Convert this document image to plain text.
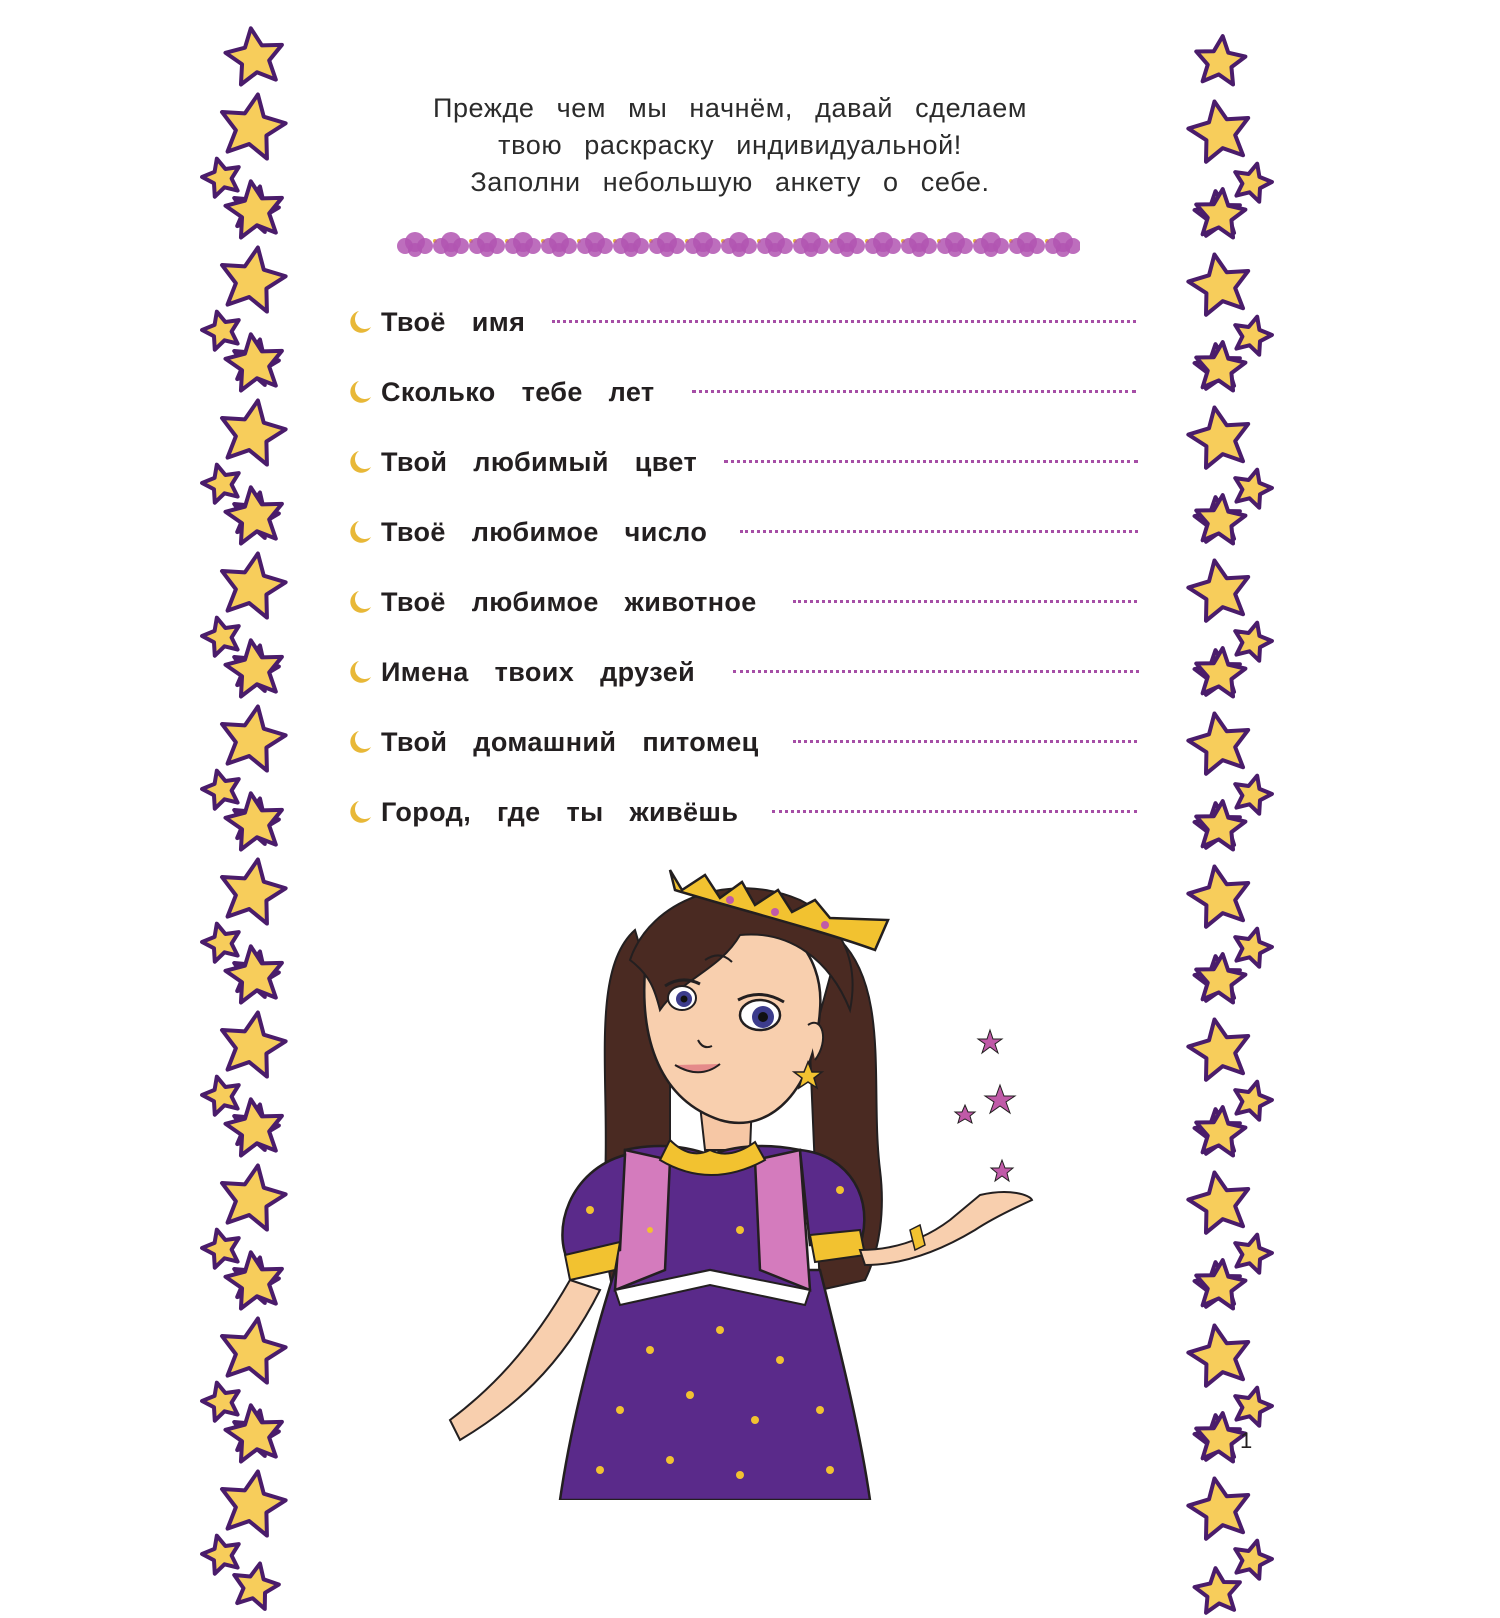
Прежде чем мы начнём, давай сделаем
твою раскраску индивидуальной!
Заполни небольшую анкету о себе.
Твоё имя
Сколько тебе лет
Твой любимый цвет
Твоё любимое число
Твоё любимое животное
Имена твоих друзей
Твой домашний питомец
Город, где ты живёшь
1
